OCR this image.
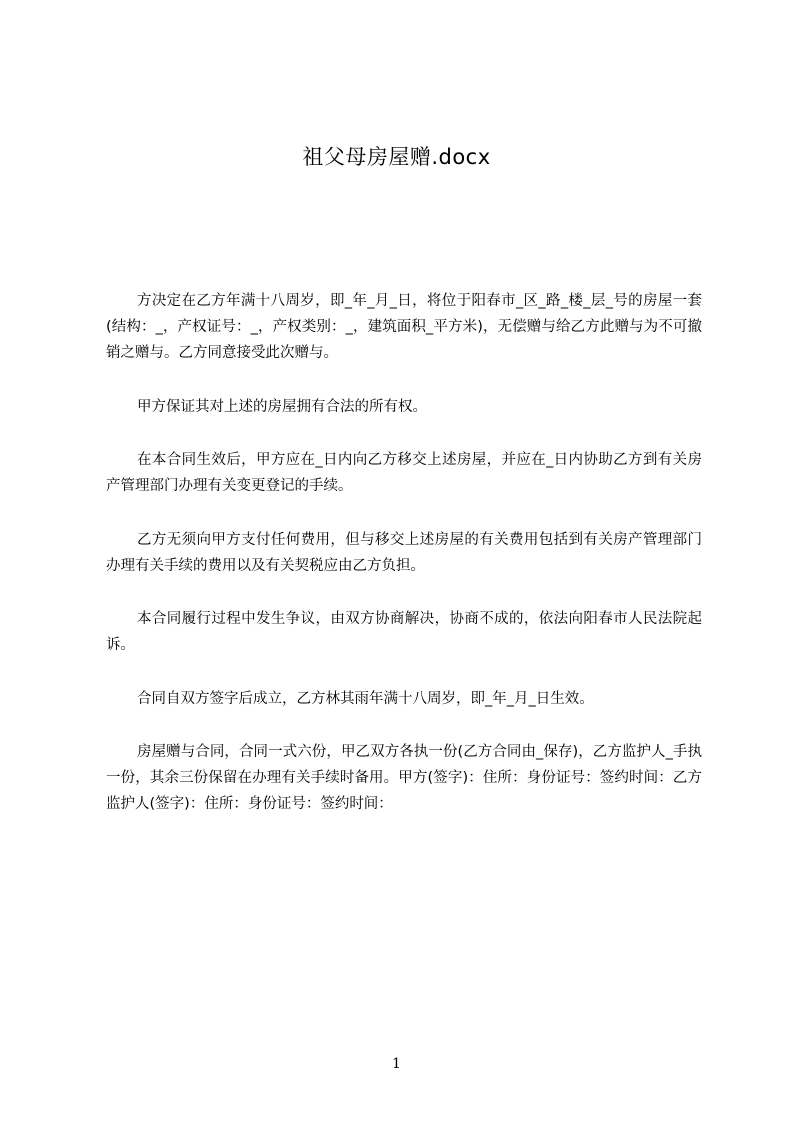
祖父母房屋赠.docx

方决定在乙方年满十八周岁，即_年_月_日，将位于阳春市_区_路_楼_层_号的房屋一套(结构：_，产权证号：_，产权类别：_，建筑面积_平方米)，无偿赠与给乙方此赠与为不可撤销之赠与。乙方同意接受此次赠与。

甲方保证其对上述的房屋拥有合法的所有权。

在本合同生效后，甲方应在_日内向乙方移交上述房屋，并应在_日内协助乙方到有关房产管理部门办理有关变更登记的手续。

乙方无须向甲方支付任何费用，但与移交上述房屋的有关费用包括到有关房产管理部门办理有关手续的费用以及有关契税应由乙方负担。

本合同履行过程中发生争议，由双方协商解决，协商不成的，依法向阳春市人民法院起诉。

合同自双方签字后成立，乙方林其雨年满十八周岁，即_年_月_日生效。

房屋赠与合同，合同一式六份，甲乙双方各执一份(乙方合同由_保存)，乙方监护人_手执一份，其余三份保留在办理有关手续时备用。甲方(签字)：住所：身份证号：签约时间：乙方监护人(签字)：住所：身份证号：签约时间：

1
